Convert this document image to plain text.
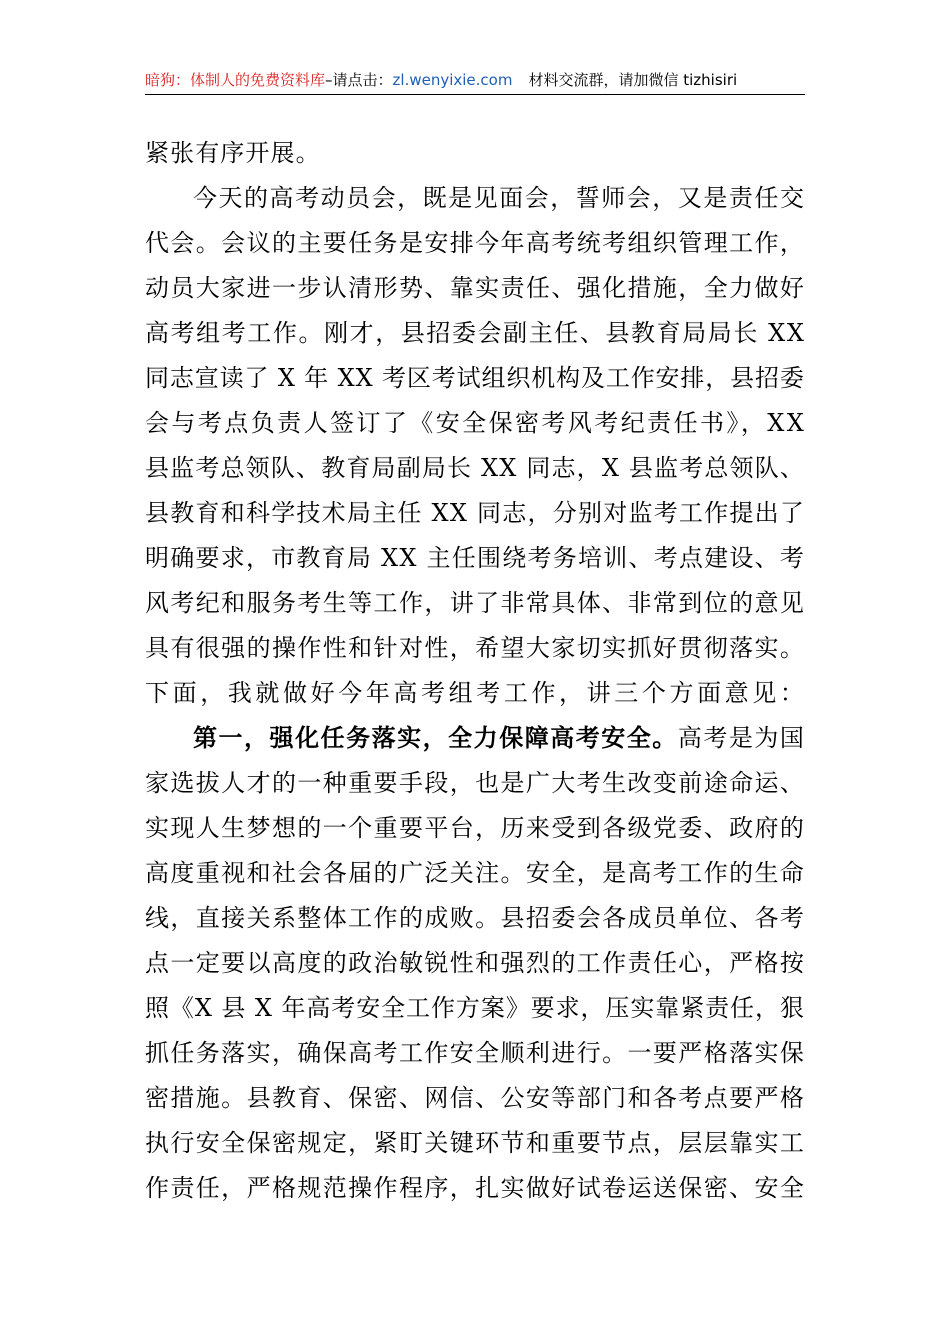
暗狗：体制人的免费资料库–请点击：zl.wenyixie.com 材料交流群，请加微信 tizhisiri
紧张有序开展。
今天的高考动员会，既是见面会，誓师会，又是责任交
代会。会议的主要任务是安排今年高考统考组织管理工作，
动员大家进一步认清形势、靠实责任、强化措施，全力做好
高考组考工作。刚才，县招委会副主任、县教育局局长 XX
同志宣读了 X 年 XX 考区考试组织机构及工作安排，县招委
会与考点负责人签订了《安全保密考风考纪责任书》，XX
县监考总领队、教育局副局长 XX 同志，X 县监考总领队、
县教育和科学技术局主任 XX 同志，分别对监考工作提出了
明确要求，市教育局 XX 主任围绕考务培训、考点建设、考
风考纪和服务考生等工作，讲了非常具体、非常到位的意见
具有很强的操作性和针对性，希望大家切实抓好贯彻落实。
下面，我就做好今年高考组考工作，讲三个方面意见：
第一，强化任务落实，全力保障高考安全。高考是为国
家选拔人才的一种重要手段，也是广大考生改变前途命运、
实现人生梦想的一个重要平台，历来受到各级党委、政府的
高度重视和社会各届的广泛关注。安全，是高考工作的生命
线，直接关系整体工作的成败。县招委会各成员单位、各考
点一定要以高度的政治敏锐性和强烈的工作责任心，严格按
照《X 县 X 年高考安全工作方案》要求，压实靠紧责任，狠
抓任务落实，确保高考工作安全顺利进行。一要严格落实保
密措施。县教育、保密、网信、公安等部门和各考点要严格
执行安全保密规定，紧盯关键环节和重要节点，层层靠实工
作责任，严格规范操作程序，扎实做好试卷运送保密、安全
